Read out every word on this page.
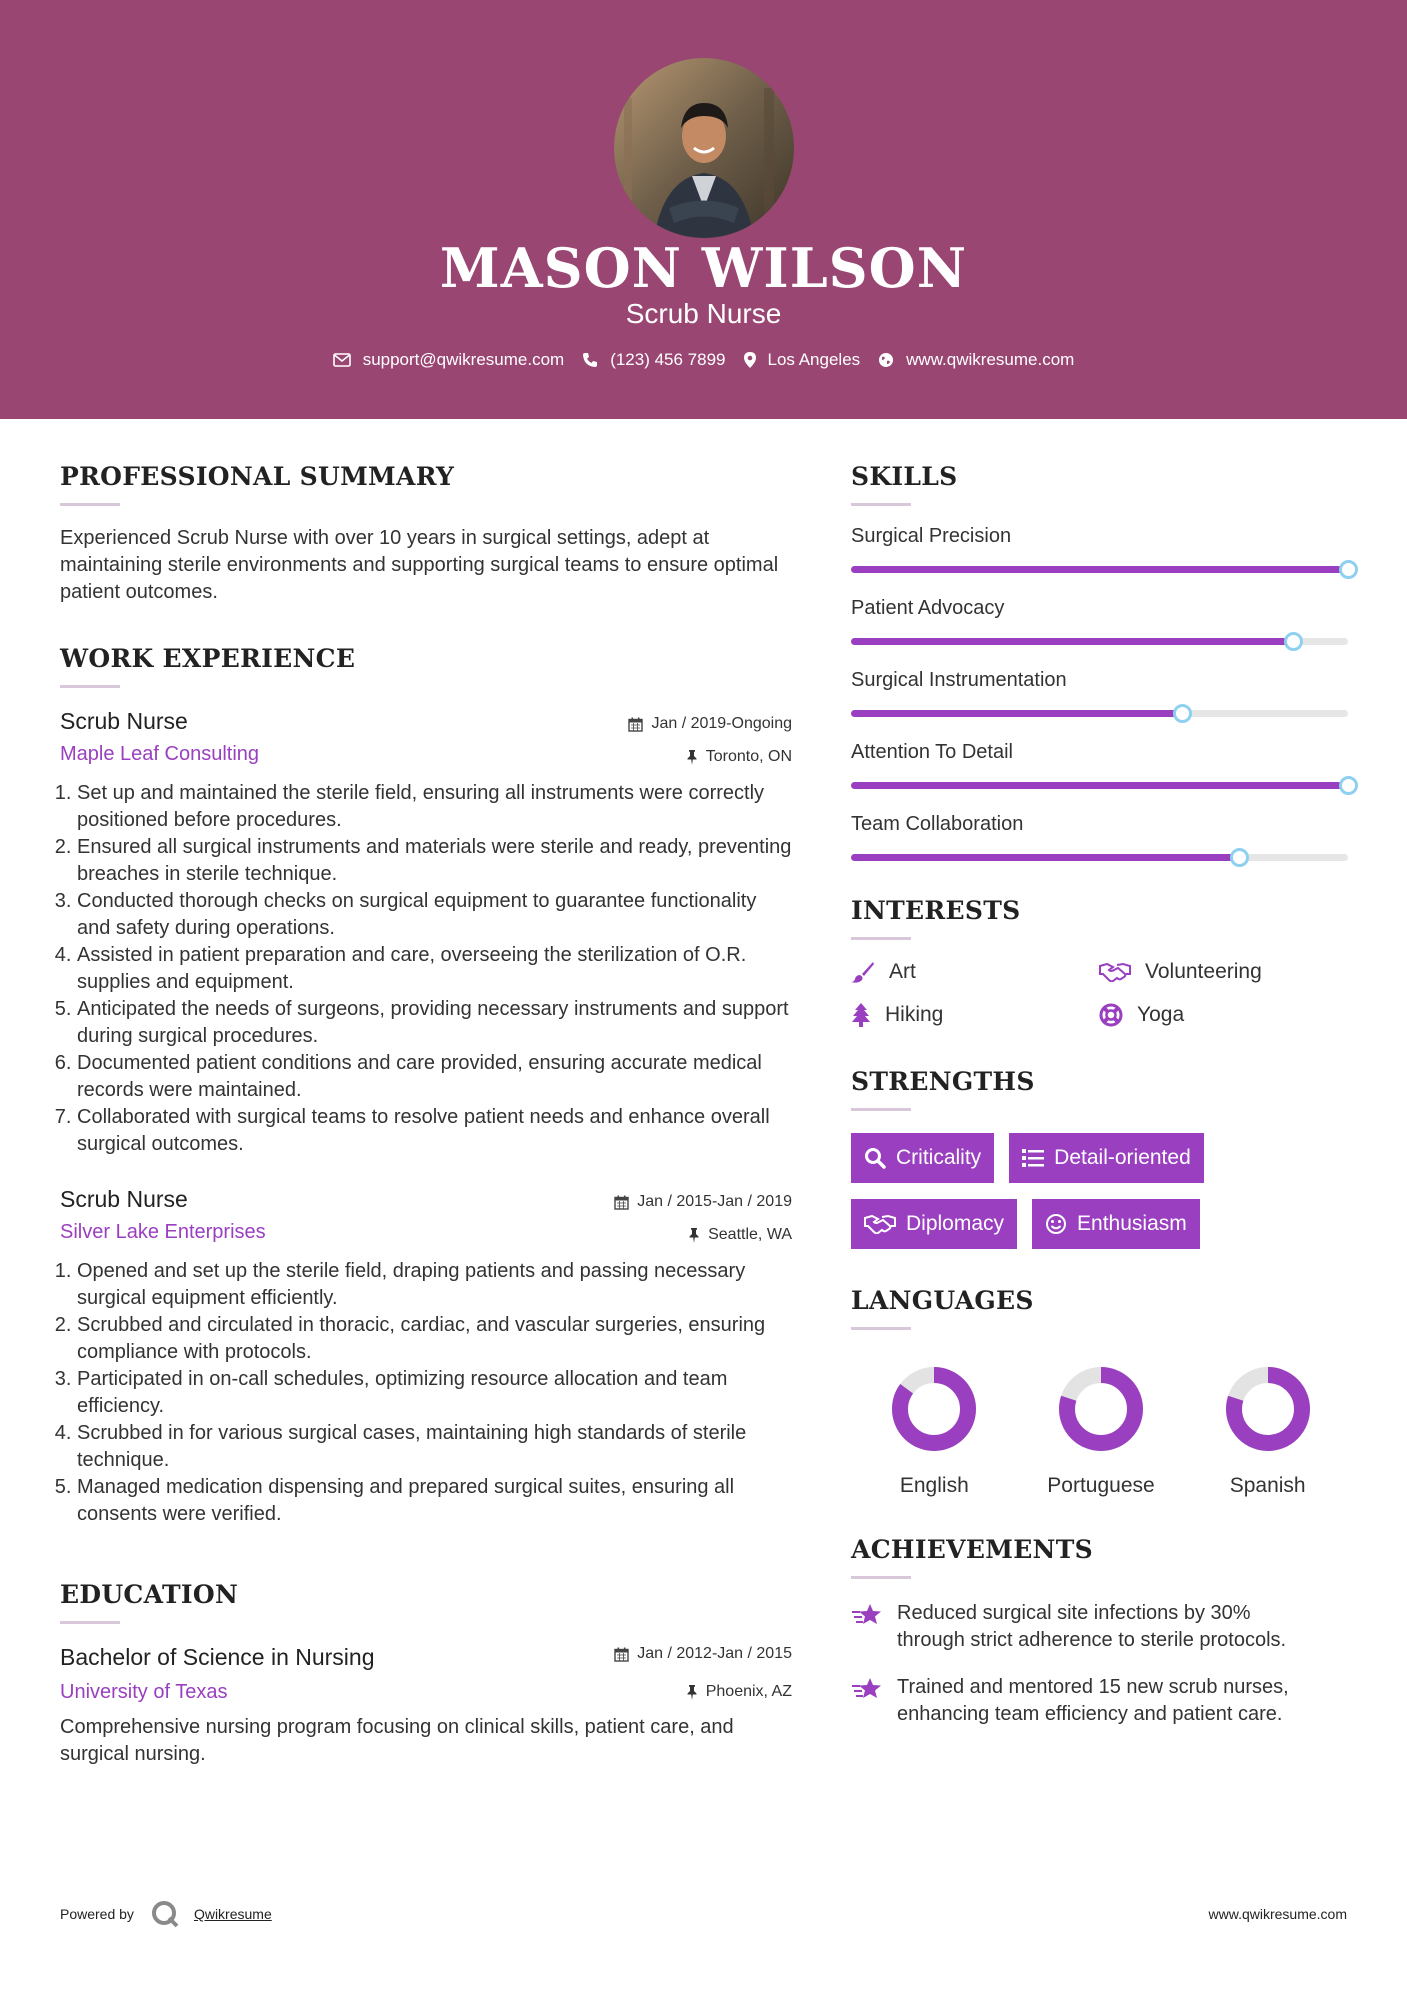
MASON WILSON
Scrub Nurse
support@qwikresume.com	(123) 456 7899 Los Angeles	www.qwikresume.com
PROFESSIONAL SUMMARY
Experienced Scrub Nurse with over 10 years in surgical settings, adept at maintaining sterile environments and supporting surgical teams to ensure optimal patient outcomes.
WORK EXPERIENCE
Scrub Nurse
Maple Leaf Consulting
Jan / 2019-Ongoing
Toronto, ON
1. Set up and maintained the sterile field, ensuring all instruments were correctly positioned before procedures.
2. Ensured all surgical instruments and materials were sterile and ready, preventing breaches in sterile technique.
3. Conducted thorough checks on surgical equipment to guarantee functionality and safety during operations.
4. Assisted in patient preparation and care, overseeing the sterilization of O.R. supplies and equipment.
5. Anticipated the needs of surgeons, providing necessary instruments and support during surgical procedures.
6. Documented patient conditions and care provided, ensuring accurate medical records were maintained.
7. Collaborated with surgical teams to resolve patient needs and enhance overall surgical outcomes.
Scrub Nurse
Silver Lake Enterprises
Jan / 2015-Jan / 2019
Seattle, WA
1. Opened and set up the sterile field, draping patients and passing necessary surgical equipment efficiently.
2. Scrubbed and circulated in thoracic, cardiac, and vascular surgeries, ensuring compliance with protocols.
3. Participated in on-call schedules, optimizing resource allocation and team efficiency.
4. Scrubbed in for various surgical cases, maintaining high standards of sterile technique.
5. Managed medication dispensing and prepared surgical suites, ensuring all consents were verified.
EDUCATION
Bachelor of Science in Nursing
University of Texas
Jan / 2012-Jan / 2015
Phoenix, AZ
Comprehensive nursing program focusing on clinical skills, patient care, and surgical nursing.
SKILLS
Surgical Precision
Patient Advocacy
Surgical Instrumentation
Attention To Detail
Team Collaboration
INTERESTS
Art	Volunteering
Hiking	Yoga
STRENGTHS
Criticality	Detail-oriented
Diplomacy	Enthusiasm
LANGUAGES
English	Portuguese	Spanish
ACHIEVEMENTS
Reduced surgical site infections by 30% through strict adherence to sterile protocols.
Trained and mentored 15 new scrub nurses, enhancing team efficiency and patient care.
Powered by	Qwikresume	www.qwikresume.com
